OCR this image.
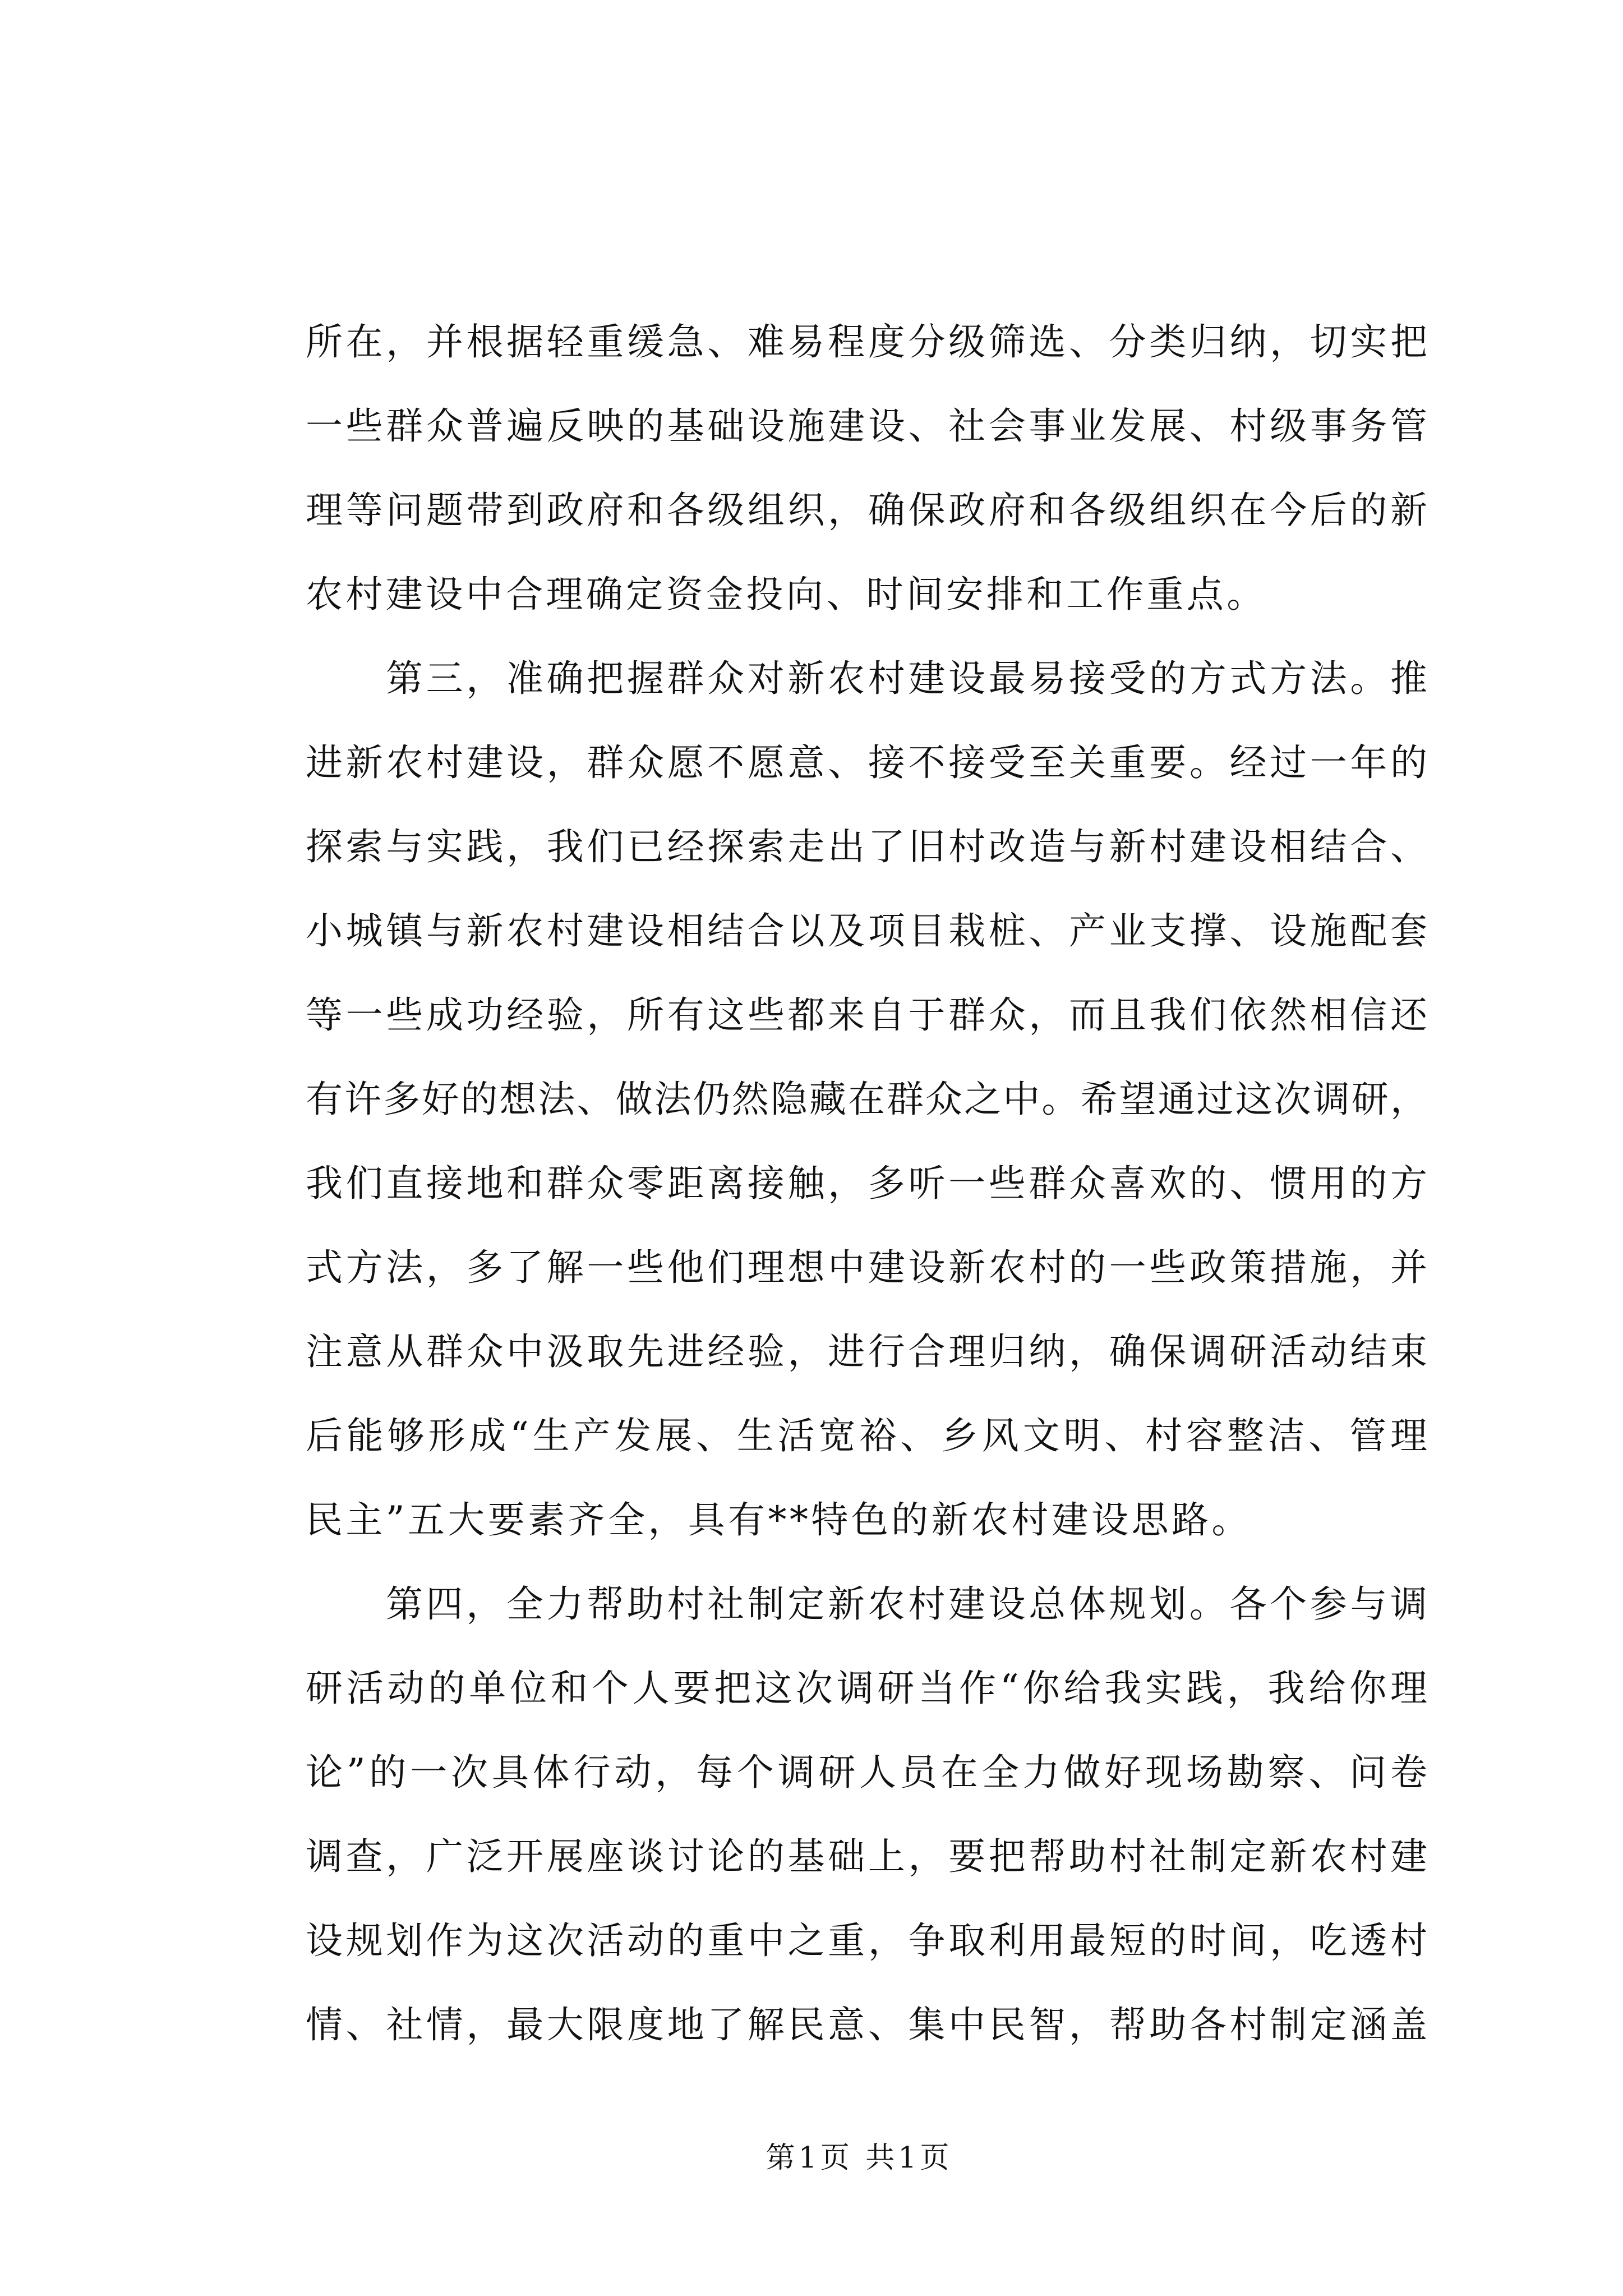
所在，并根据轻重缓急、难易程度分级筛选、分类归纳，切实把
一些群众普遍反映的基础设施建设、社会事业发展、村级事务管
理等问题带到政府和各级组织，确保政府和各级组织在今后的新
农村建设中合理确定资金投向、时间安排和工作重点。
第三，准确把握群众对新农村建设最易接受的方式方法。推
进新农村建设，群众愿不愿意、接不接受至关重要。经过一年的
探索与实践，我们已经探索走出了旧村改造与新村建设相结合、
小城镇与新农村建设相结合以及项目栽桩、产业支撑、设施配套
等一些成功经验，所有这些都来自于群众，而且我们依然相信还
有许多好的想法、做法仍然隐藏在群众之中。希望通过这次调研，
我们直接地和群众零距离接触，多听一些群众喜欢的、惯用的方
式方法，多了解一些他们理想中建设新农村的一些政策措施，并
注意从群众中汲取先进经验，进行合理归纳，确保调研活动结束
后能够形成“生产发展、生活宽裕、乡风文明、村容整洁、管理
民主”五大要素齐全，具有**特色的新农村建设思路。
第四，全力帮助村社制定新农村建设总体规划。各个参与调
研活动的单位和个人要把这次调研当作“你给我实践，我给你理
论”的一次具体行动，每个调研人员在全力做好现场勘察、问卷
调查，广泛开展座谈讨论的基础上，要把帮助村社制定新农村建
设规划作为这次活动的重中之重，争取利用最短的时间，吃透村
情、社情，最大限度地了解民意、集中民智，帮助各村制定涵盖
第1页 共1页
